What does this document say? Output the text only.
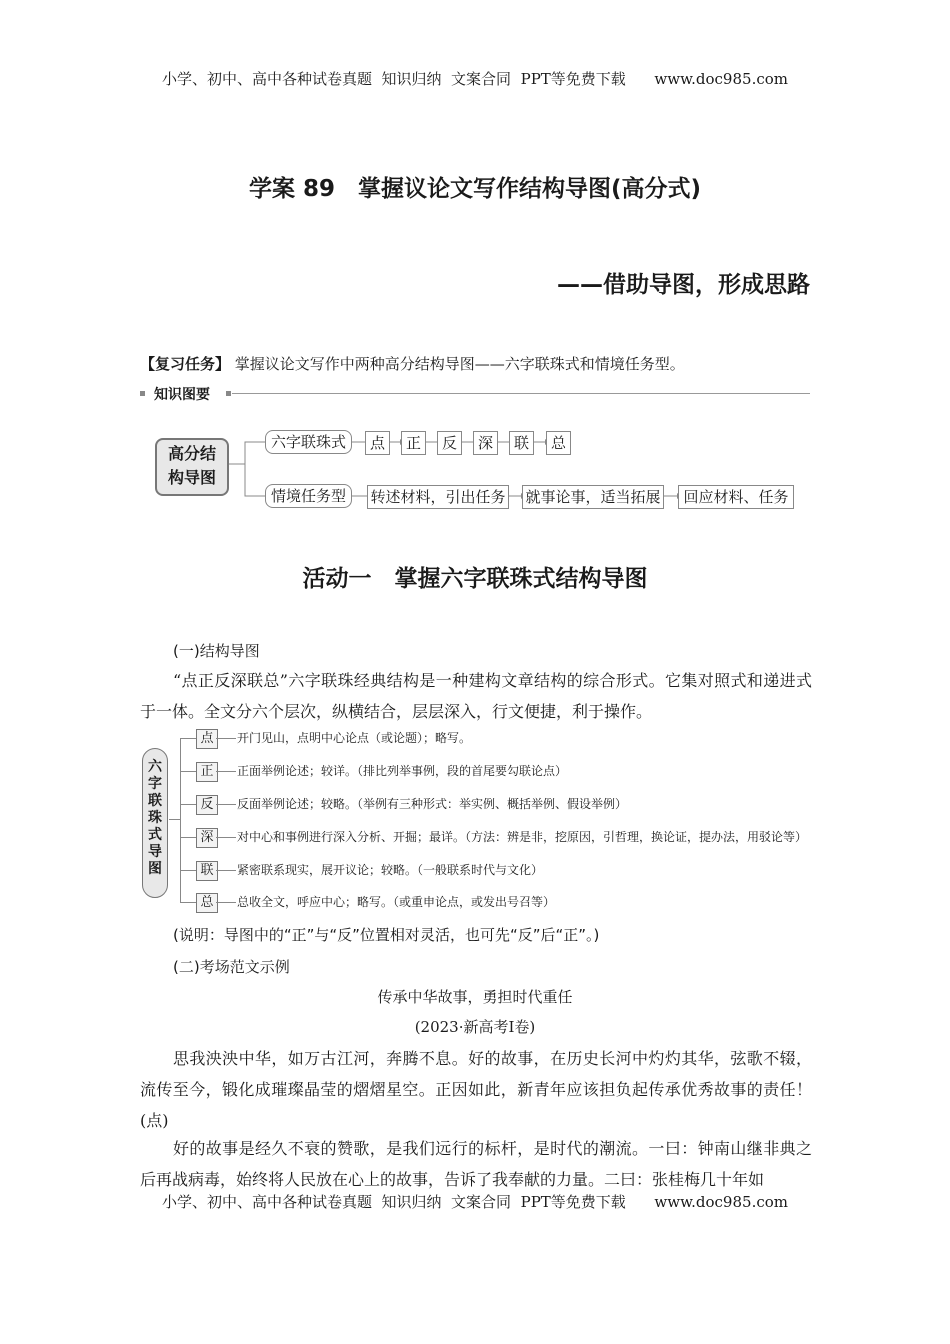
小学、初中、高中各种试卷真题  知识归纳  文案合同  PPT等免费下载      www.doc985.com
学案 89　掌握议论文写作结构导图(高分式)
——借助导图，形成思路
【复习任务】 掌握议论文写作中两种高分结构导图——六字联珠式和情境任务型。
知识图要
高分结
构导图
六字联珠式	点	正	反	深	联	总
情境任务型	转述材料，引出任务 就事论事，适当拓展	回应材料、任务
活动一　掌握六字联珠式结构导图
(一)结构导图
“点正反深联总”六字联珠经典结构是一种建构文章结构的综合形式。它集对照式和递进式于一体。全文分六个层次，纵横结合，层层深入，行文便捷，利于操作。
六字联珠式导图
点	开门见山，点明中心论点（或论题）；略写。
正	正面举例论述；较详。（排比列举事例，段的首尾要勾联论点）
反	反面举例论述；较略。（举例有三种形式：举实例、概括举例、假设举例）
深	对中心和事例进行深入分析、开掘；最详。（方法：辨是非，挖原因，引哲理，换论证，提办法，用驳论等）
联	紧密联系现实，展开议论；较略。（一般联系时代与文化）
总	总收全文，呼应中心；略写。（或重申论点，或发出号召等）
(说明：导图中的“正”与“反”位置相对灵活，也可先“反”后“正”。)
(二)考场范文示例
传承中华故事，勇担时代重任
(2023·新高考Ⅰ卷)
思我泱泱中华，如万古江河，奔腾不息。好的故事，在历史长河中灼灼其华，弦歌不辍，流传至今，锻化成璀璨晶莹的熠熠星空。正因如此，新青年应该担负起传承优秀故事的责任！(点)
好的故事是经久不衰的赞歌，是我们远行的标杆，是时代的潮流。一曰：钟南山继非典之后再战病毒，始终将人民放在心上的故事，告诉了我奉献的力量。二曰：张桂梅几十年如
小学、初中、高中各种试卷真题  知识归纳  文案合同  PPT等免费下载      www.doc985.com
